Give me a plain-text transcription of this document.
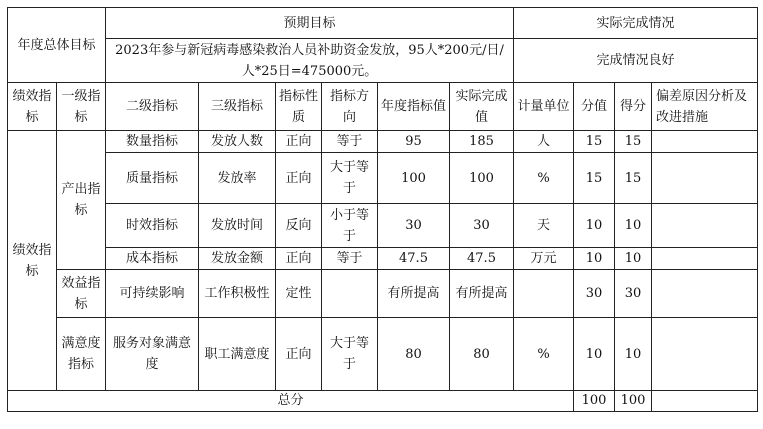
年度总体目标		预期目标						实际完成情况			
		2023年参与新冠病毒感染救治人员补助资金发放，95人*200元/日/人*25日=475000元。						完成情况良好			

绩效指标	一级指标	二级指标	三级指标	指标性质	指标方向	年度指标值	实际完成值	计量单位	分值	得分	偏差原因分析及改进措施
绩效指标	产出指标	数量指标	发放人数	正向	等于	95	185	人	15	15	
		质量指标	发放率	正向	大于等于	100	100	%	15	15	
		时效指标	发放时间	反向	小于等于	30	30	天	10	10	
		成本指标	发放金额	正向	等于	47.5	47.5	万元	10	10	
	效益指标	可持续影响	工作积极性	定性		有所提高	有所提高		30	30	
	满意度指标	服务对象满意度	职工满意度	正向	大于等于	80	80	%	10	10	
总分									100	100	
